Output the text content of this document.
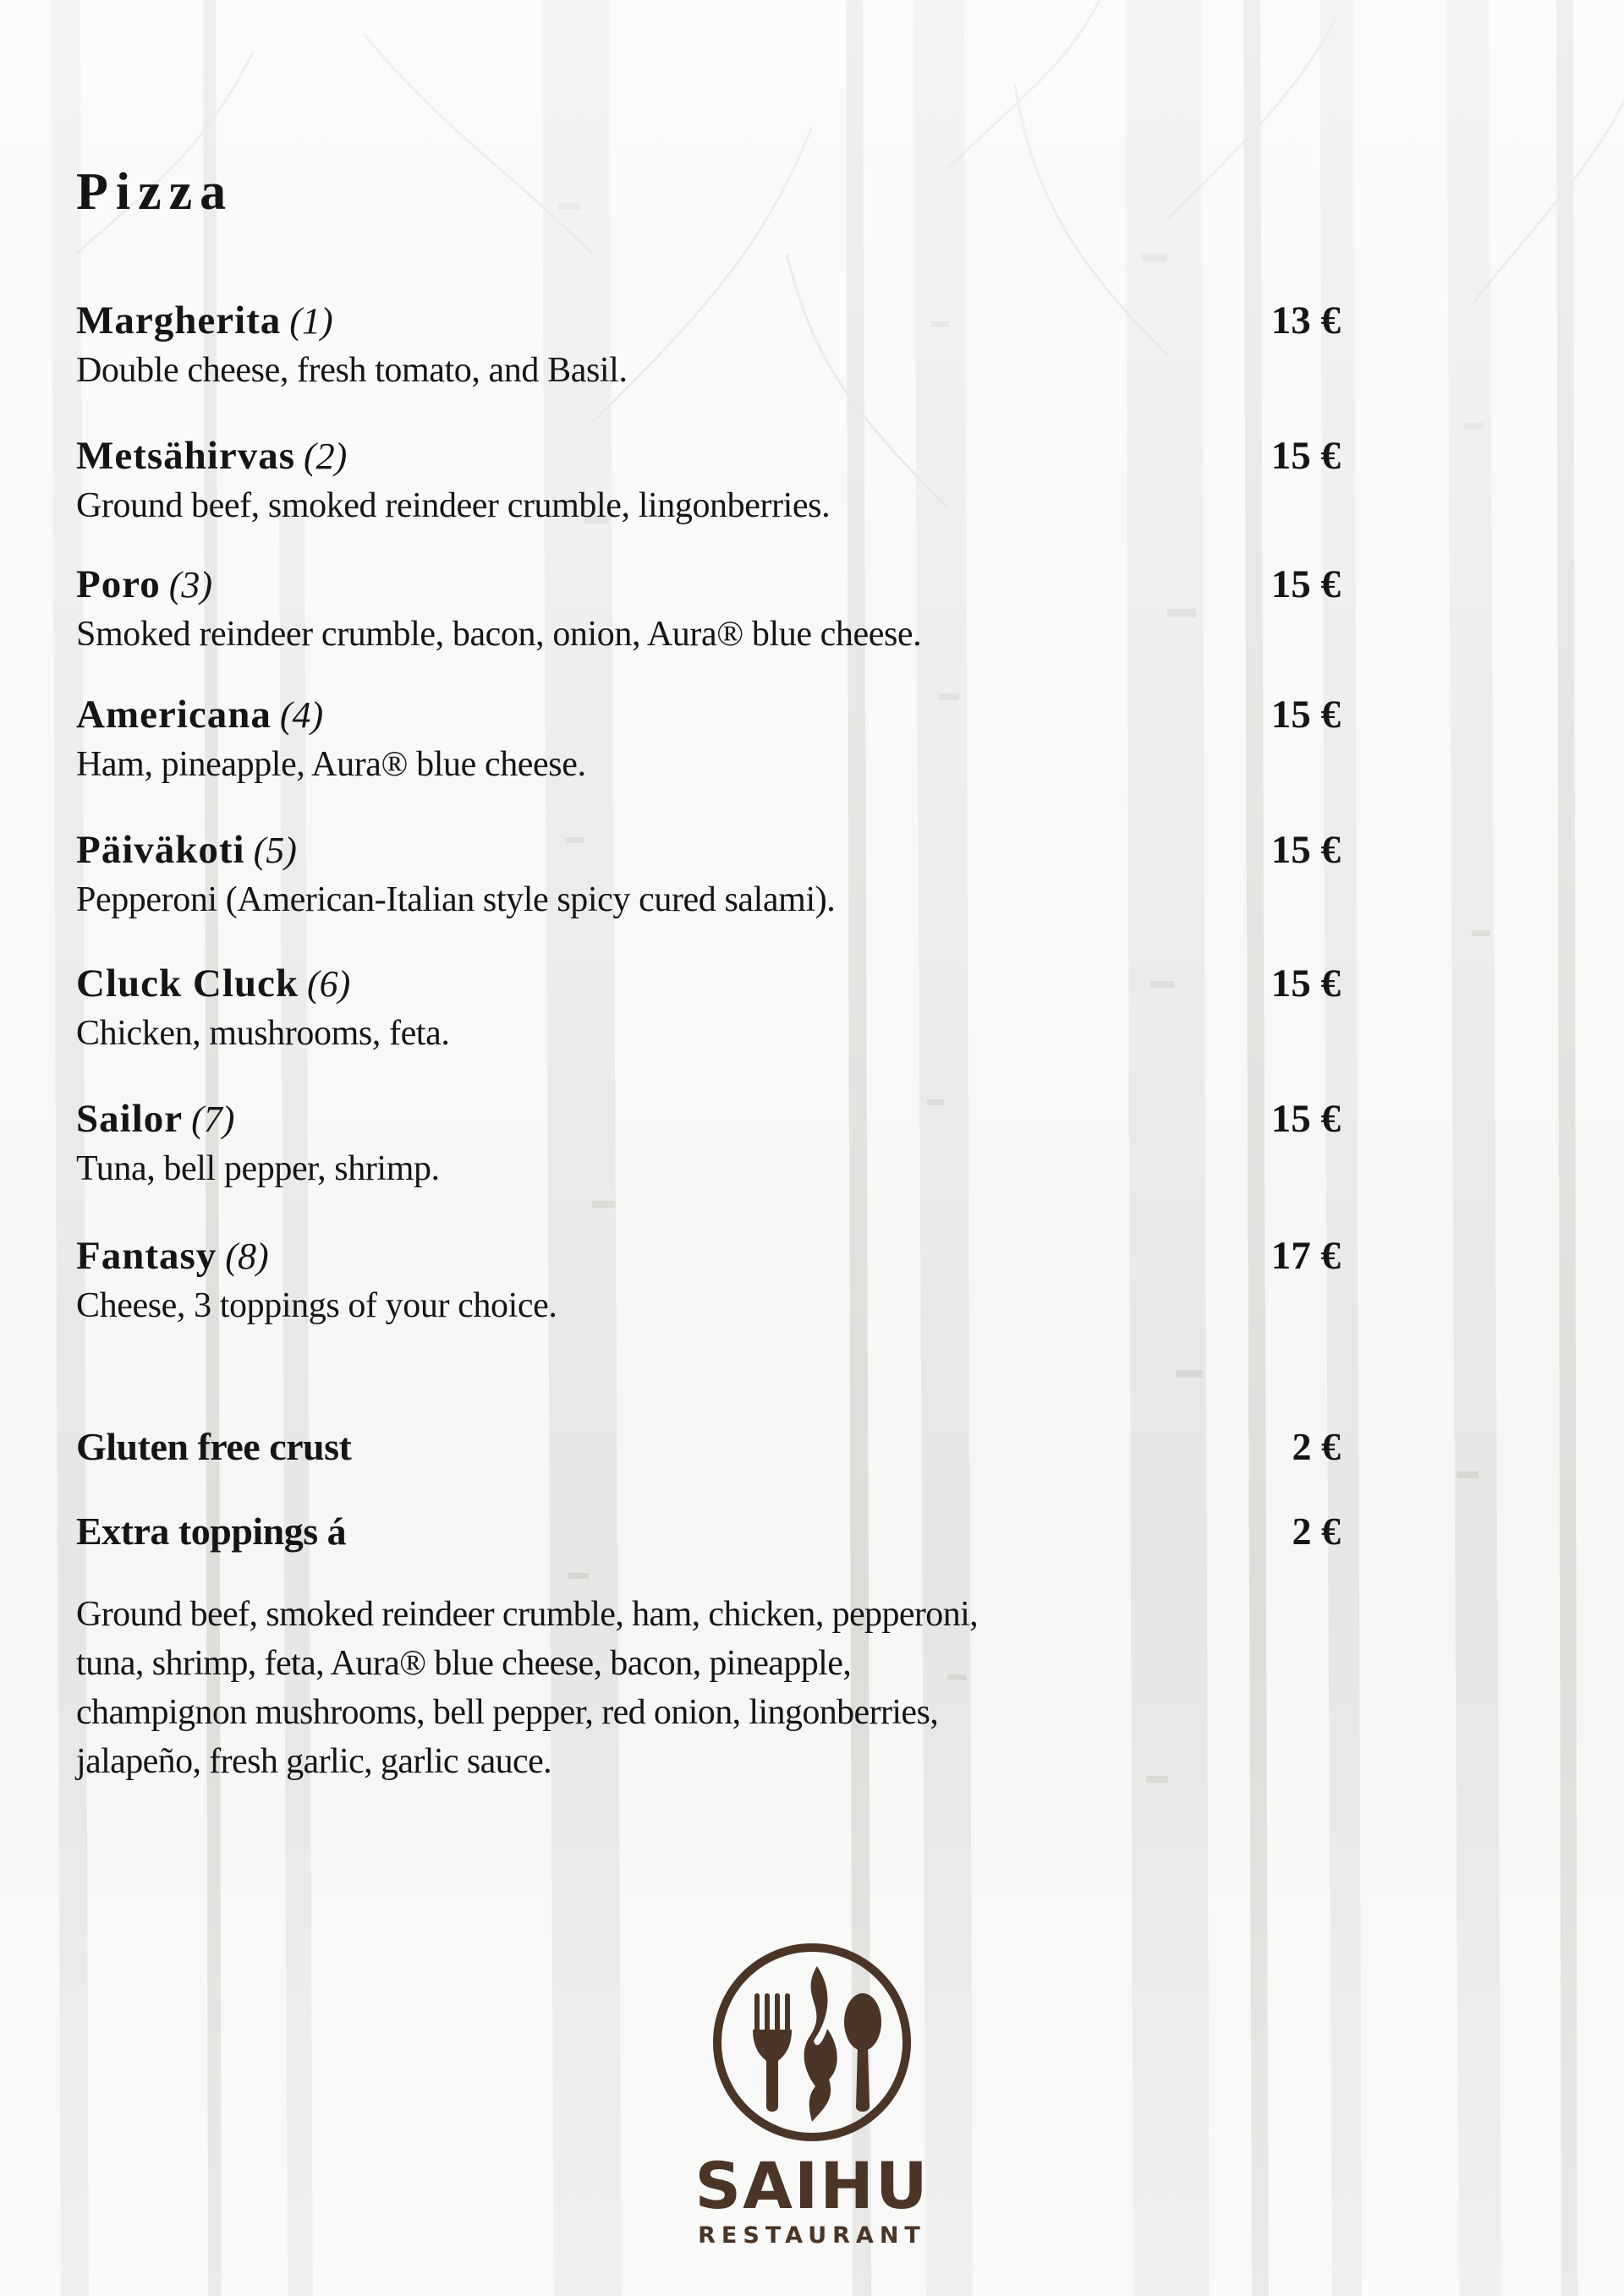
Pizza
Margherita (1)	13 €
Double cheese, fresh tomato, and Basil.
Metsähirvas (2)	15 €
Ground beef, smoked reindeer crumble, lingonberries.
Poro (3)	15 €
Smoked reindeer crumble, bacon, onion, Aura® blue cheese.
Americana (4)	15 €
Ham, pineapple, Aura® blue cheese.
Päiväkoti (5)	15 €
Pepperoni (American-Italian style spicy cured salami).
Cluck Cluck (6)	15 €
Chicken, mushrooms, feta.
Sailor (7)	15 €
Tuna, bell pepper, shrimp.
Fantasy (8)	17 €
Cheese, 3 toppings of your choice.
Gluten free crust	2 €
Extra toppings á	2 €
Ground beef, smoked reindeer crumble, ham, chicken, pepperoni,
tuna, shrimp, feta, Aura® blue cheese, bacon, pineapple,
champignon mushrooms, bell pepper, red onion, lingonberries,
jalapeño, fresh garlic, garlic sauce.
SAIHU
RESTAURANT
